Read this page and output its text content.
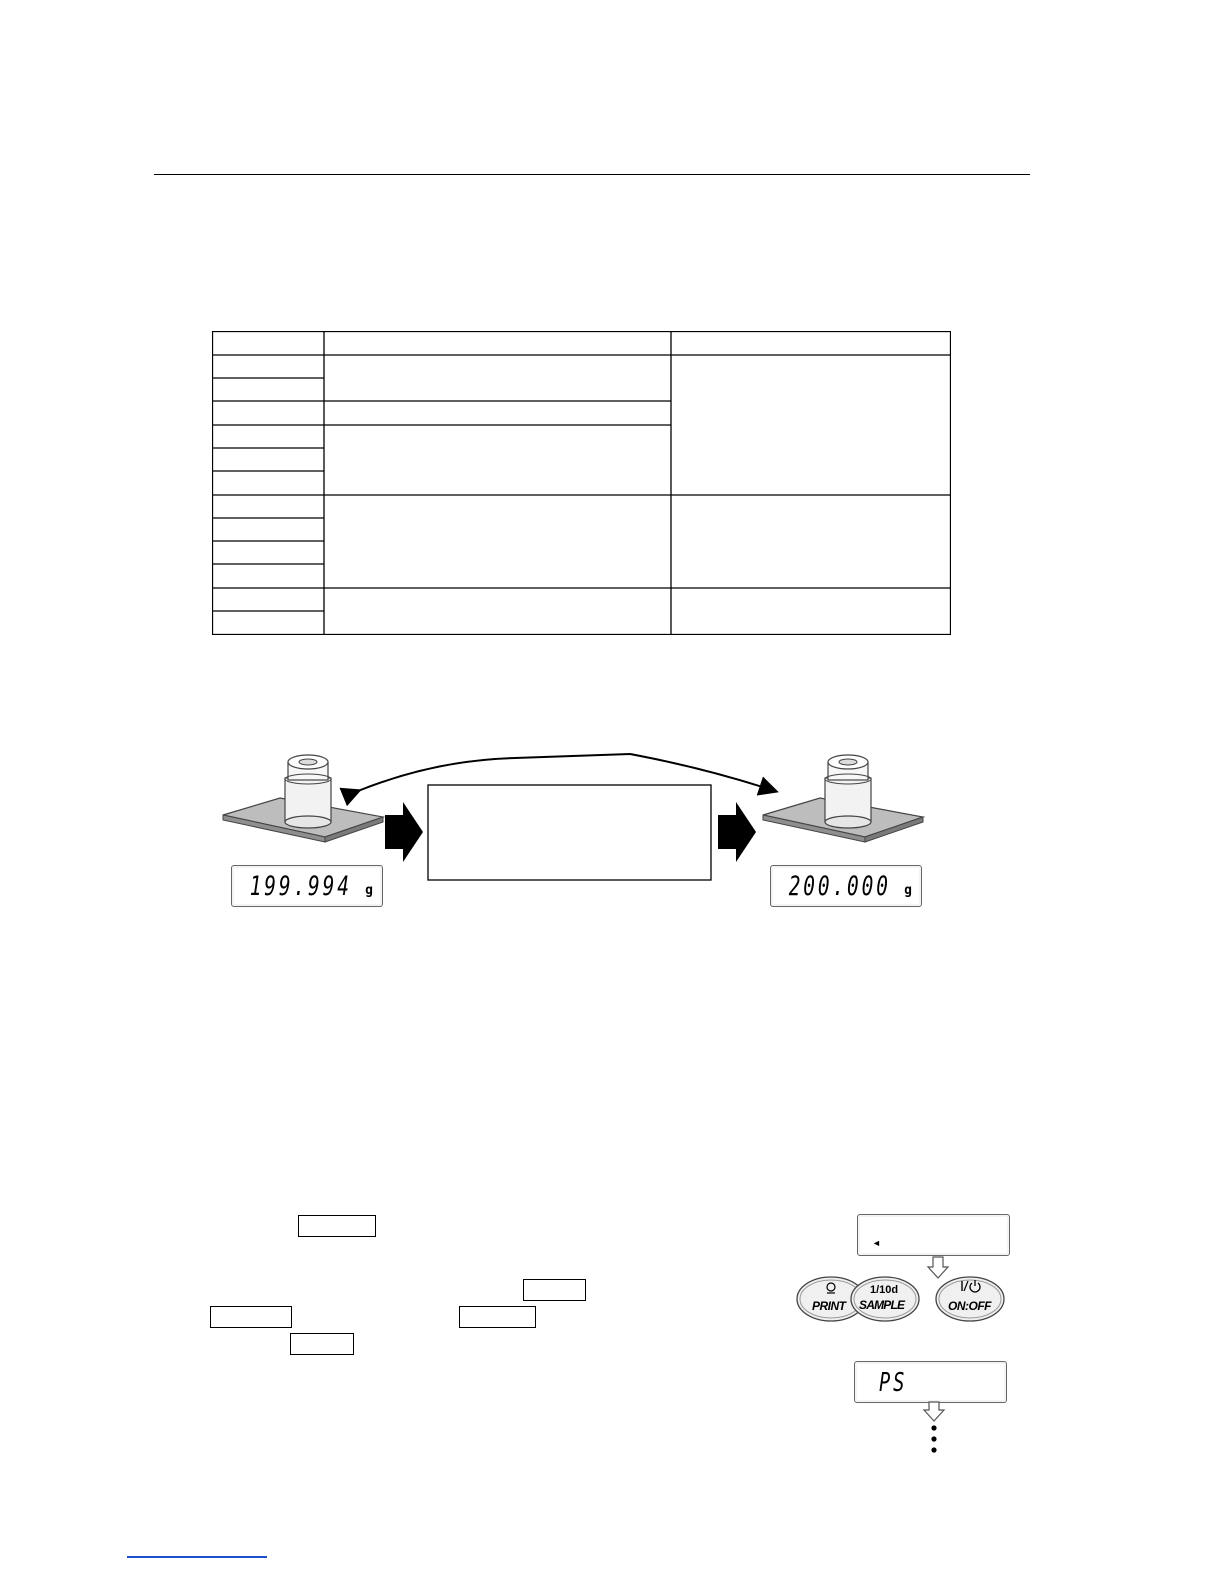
199.994 g	200.000 g
◄
PRINT
1/10d
SAMPLE	ON:OFF
PS
